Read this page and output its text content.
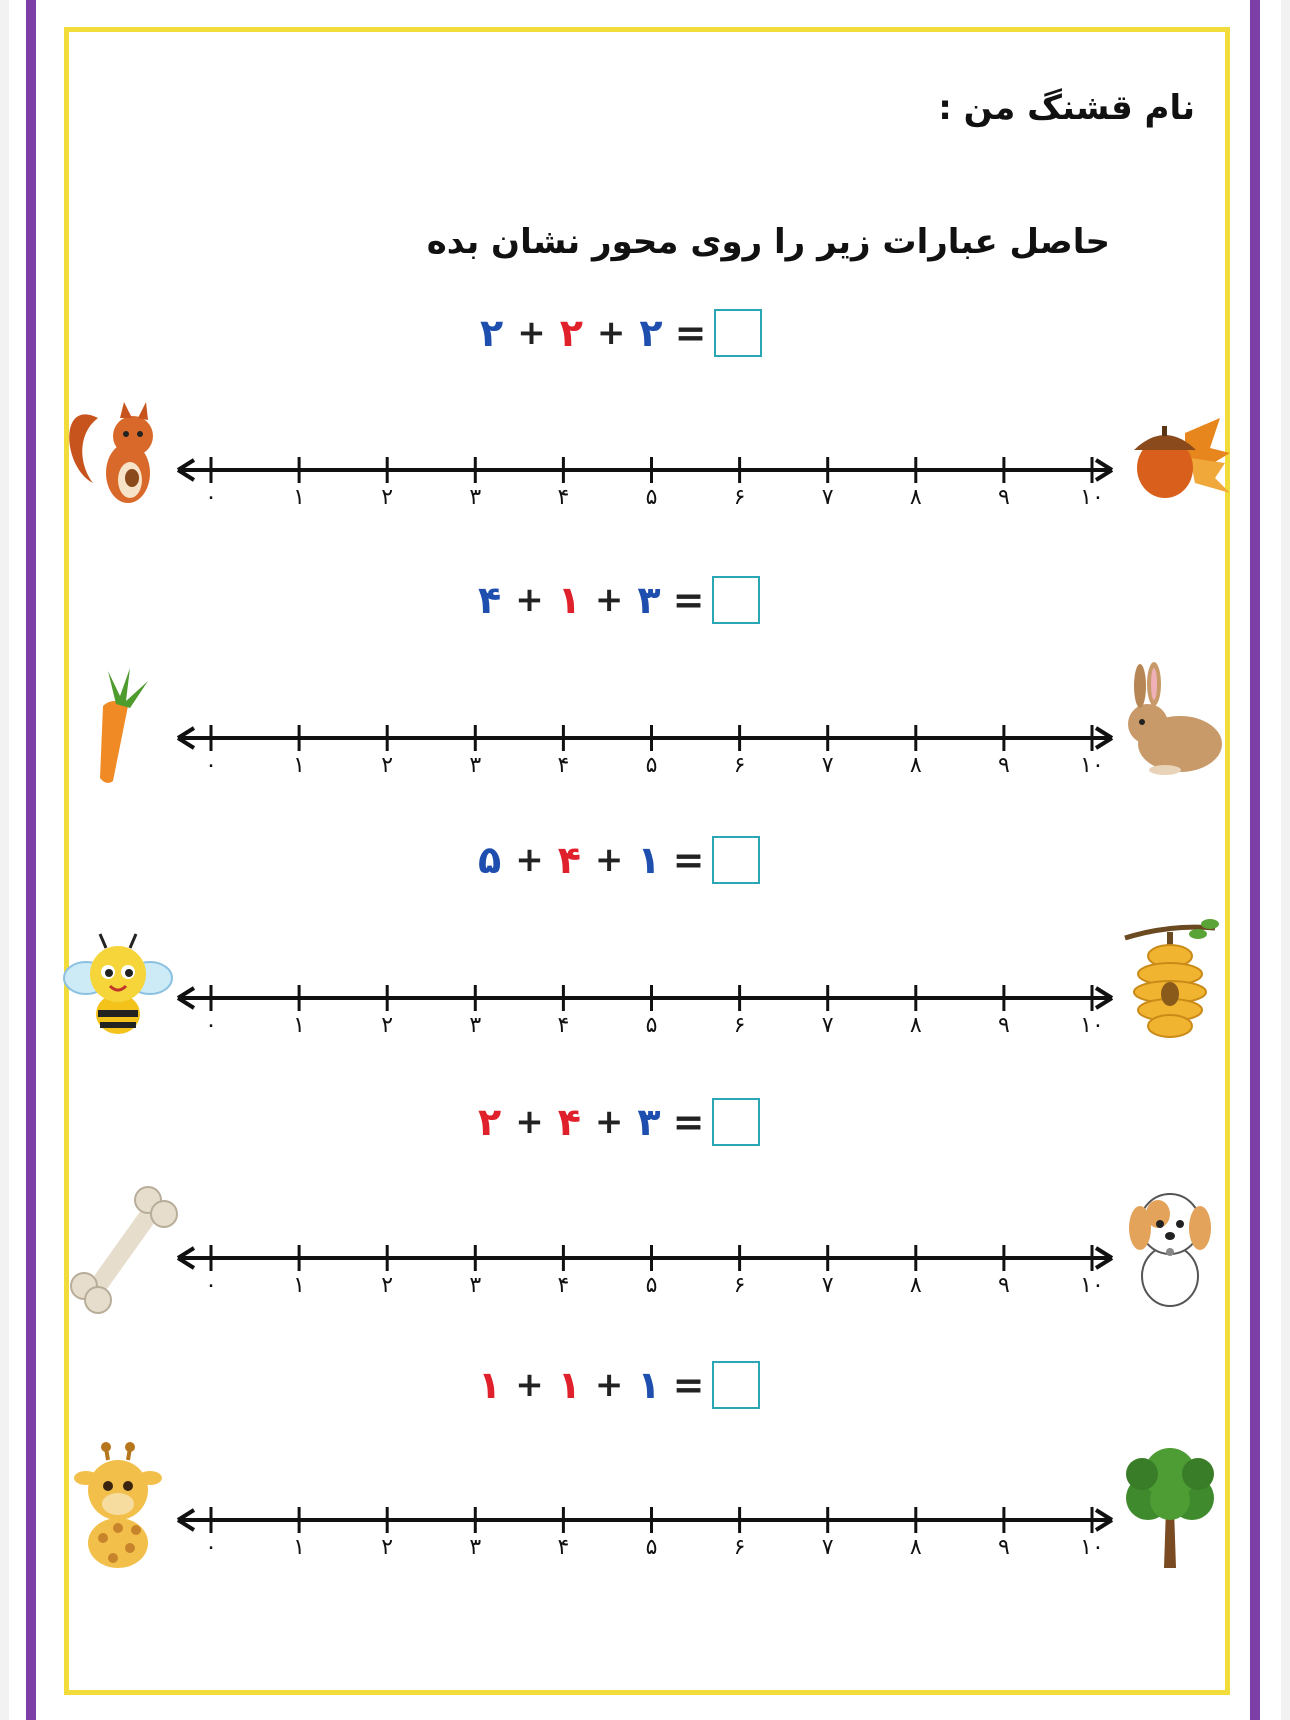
نام قشنگ من :
حاصل عبارات زیر را روی محور نشان بده
۲ + ۲ + ۲ =
۰	۱	۲	۳	۴	۵	۶	۷	۸	۹	۱۰
۴ + ۱ + ۳ =
۰	۱	۲	۳	۴	۵	۶	۷	۸	۹	۱۰
۵ + ۴ + ۱ =
۰	۱	۲	۳	۴	۵	۶	۷	۸	۹	۱۰
۲ + ۴ + ۳ =
۰	۱	۲	۳	۴	۵	۶	۷	۸	۹	۱۰
۱ + ۱ + ۱ =
۰	۱	۲	۳	۴	۵	۶	۷	۸	۹	۱۰
